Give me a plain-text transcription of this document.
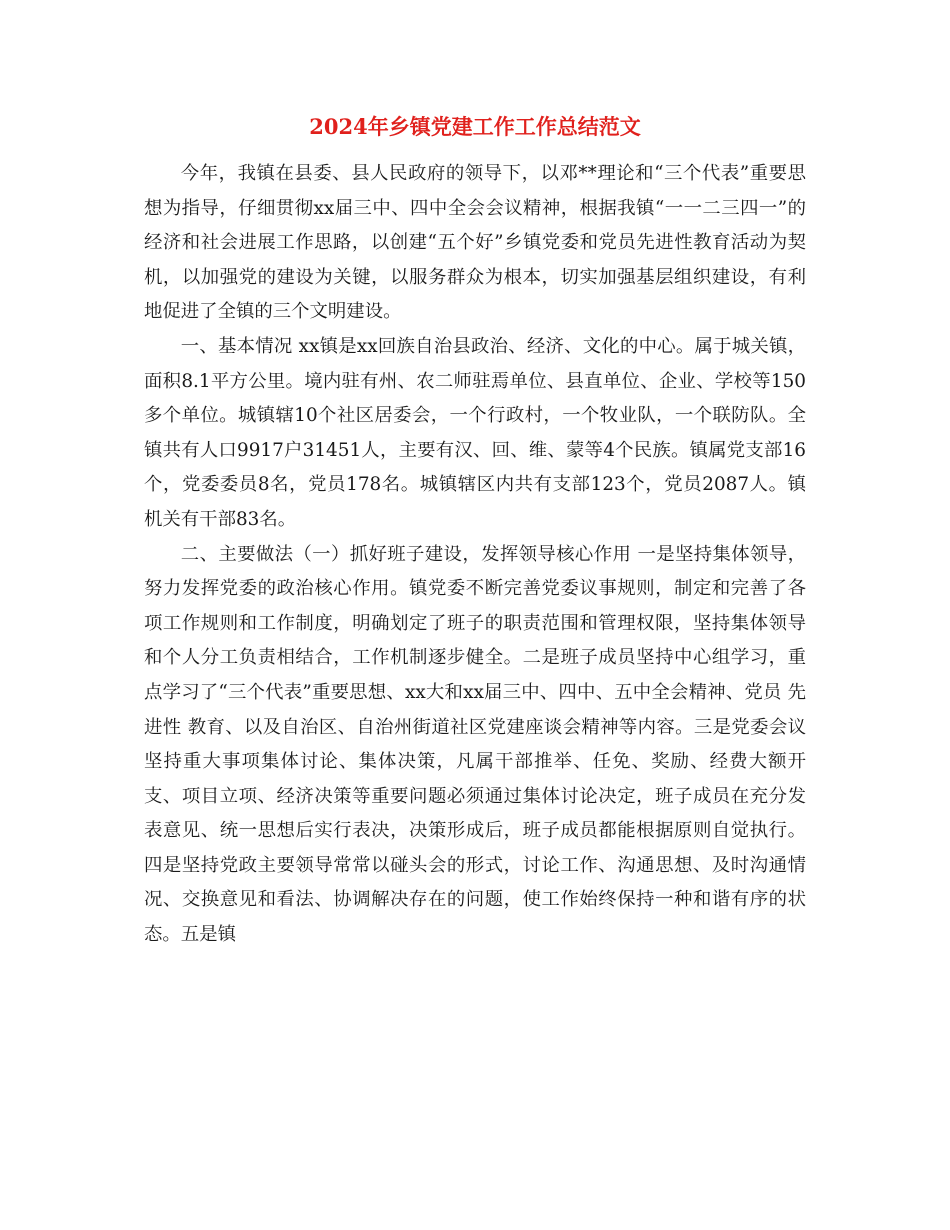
2024年乡镇党建工作工作总结范文

今年，我镇在县委、县人民政府的领导下，以邓**理论和“三个代表”重要思想为指导，仔细贯彻xx届三中、四中全会会议精神，根据我镇“一一二三四一”的经济和社会进展工作思路，以创建“五个好”乡镇党委和党员先进性教育活动为契机，以加强党的建设为关键，以服务群众为根本，切实加强基层组织建设，有利地促进了全镇的三个文明建设。

一、基本情况 xx镇是xx回族自治县政治、经济、文化的中心。属于城关镇，面积8.1平方公里。境内驻有州、农二师驻焉单位、县直单位、企业、学校等150多个单位。城镇辖10个社区居委会，一个行政村，一个牧业队，一个联防队。全镇共有人口9917户31451人，主要有汉、回、维、蒙等4个民族。镇属党支部16个，党委委员8名，党员178名。城镇辖区内共有支部123个，党员2087人。镇机关有干部83名。

二、主要做法（一）抓好班子建设，发挥领导核心作用 一是坚持集体领导，努力发挥党委的政治核心作用。镇党委不断完善党委议事规则，制定和完善了各项工作规则和工作制度，明确划定了班子的职责范围和管理权限，坚持集体领导和个人分工负责相结合，工作机制逐步健全。二是班子成员坚持中心组学习，重点学习了“三个代表”重要思想、xx大和xx届三中、四中、五中全会精神、党员 先进性 教育、以及自治区、自治州街道社区党建座谈会精神等内容。三是党委会议坚持重大事项集体讨论、集体决策，凡属干部推举、任免、奖励、经费大额开支、项目立项、经济决策等重要问题必须通过集体讨论决定，班子成员在充分发表意见、统一思想后实行表决，决策形成后，班子成员都能根据原则自觉执行。四是坚持党政主要领导常常以碰头会的形式，讨论工作、沟通思想、及时沟通情况、交换意见和看法、协调解决存在的问题，使工作始终保持一种和谐有序的状态。五是镇
